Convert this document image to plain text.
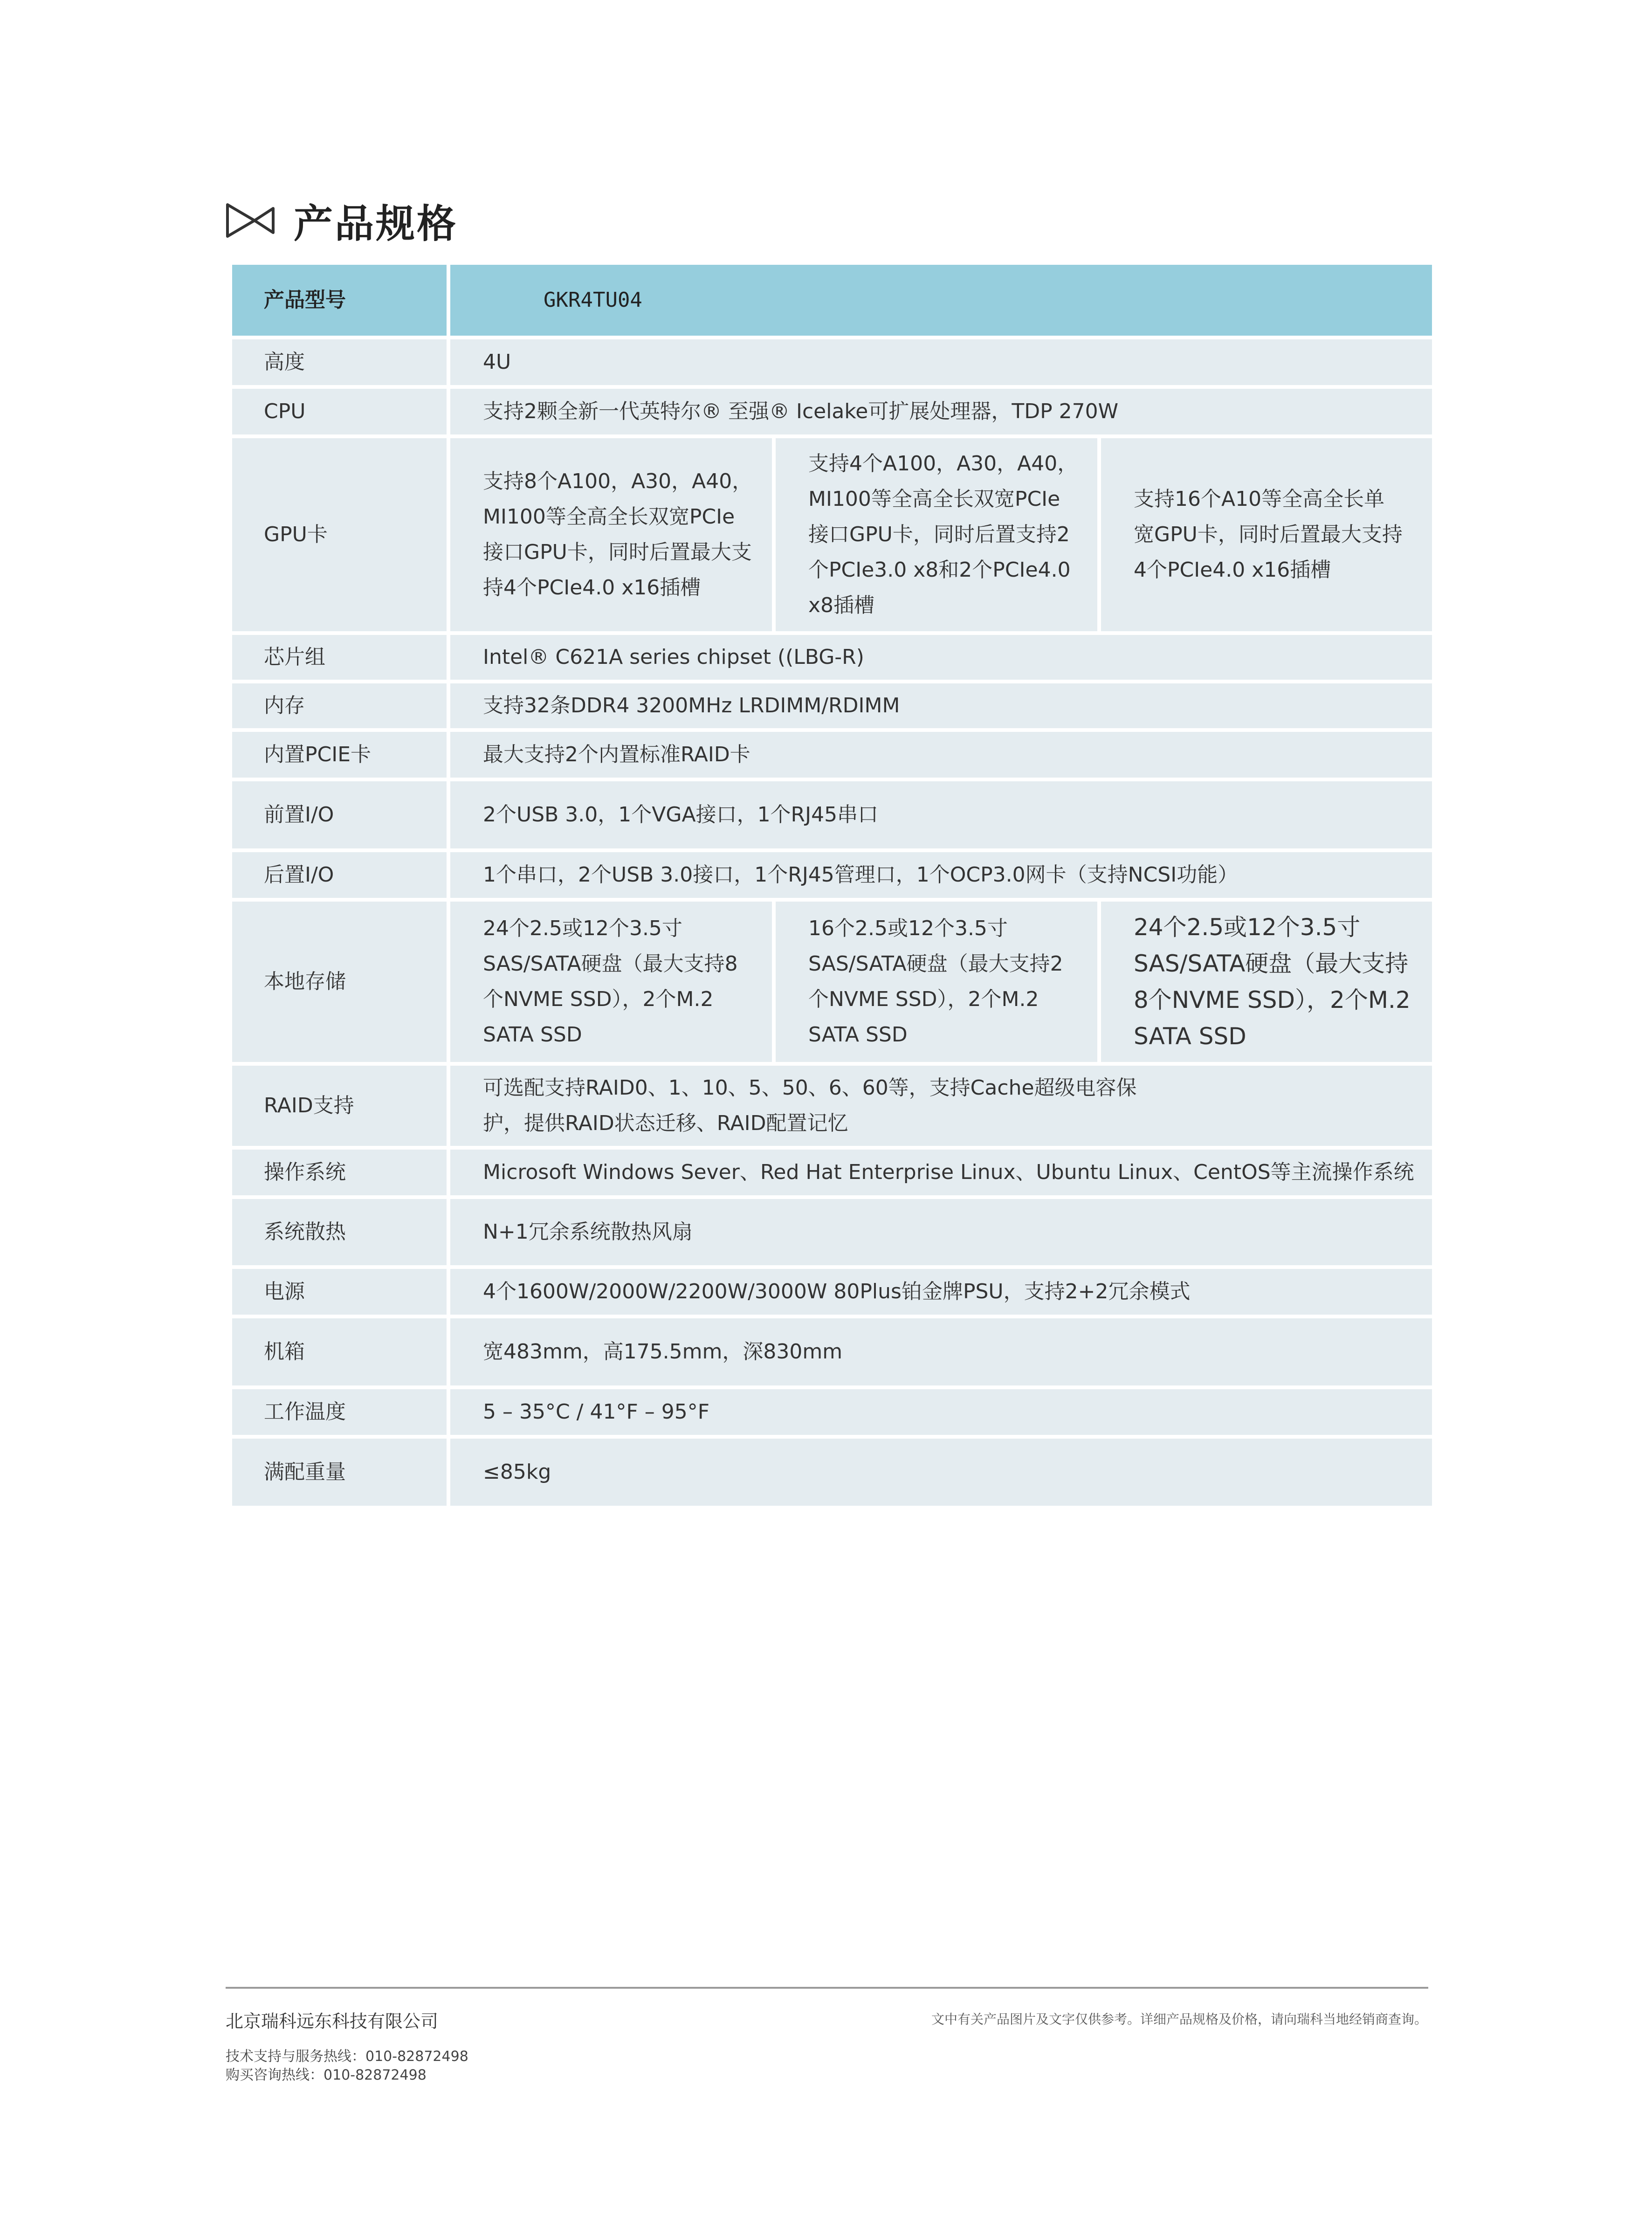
产品规格
产品型号	GKR4TU04		
高度	4U		
CPU	支持2颗全新一代英特尔® 至强® Icelake可扩展处理器，TDP 270W		
GPU卡	支持8个A100，A30，A40，MI100等全高全长双宽PCIe接口GPU卡，同时后置最大支持4个PCIe4.0 x16插槽	支持4个A100，A30，A40，MI100等全高全长双宽PCIe接口GPU卡，同时后置支持2个PCIe3.0 x8和2个PCIe4.0 x8插槽	支持16个A10等全高全长单宽GPU卡，同时后置最大支持4个PCIe4.0 x16插槽
芯片组	Intel® C621A series chipset ((LBG-R)		
内存	支持32条DDR4 3200MHz LRDIMM/RDIMM		
内置PCIE卡	最大支持2个内置标准RAID卡		
前置I/O	2个USB 3.0，1个VGA接口，1个RJ45串口		
后置I/O	1个串口，2个USB 3.0接口，1个RJ45管理口，1个OCP3.0网卡（支持NCSI功能）		
本地存储	24个2.5或12个3.5寸SAS/SATA硬盘（最大支持8个NVME SSD），2个M.2 SATA SSD	16个2.5或12个3.5寸SAS/SATA硬盘（最大支持2个NVME SSD），2个M.2 SATA SSD	24个2.5或12个3.5寸SAS/SATA硬盘（最大支持8个NVME SSD），2个M.2 SATA SSD
RAID支持	可选配支持RAID0、1、10、5、50、6、60等，支持Cache超级电容保护，提供RAID状态迁移、RAID配置记忆		
操作系统	Microsoft Windows Sever、Red Hat Enterprise Linux、Ubuntu Linux、CentOS等主流操作系统		
系统散热	N+1冗余系统散热风扇		
电源	4个1600W/2000W/2200W/3000W 80Plus铂金牌PSU，支持2+2冗余模式		
机箱	宽483mm，高175.5mm，深830mm		
工作温度	5 – 35°C / 41°F – 95°F		
满配重量	≤85kg		
北京瑞科远东科技有限公司	文中有关产品图片及文字仅供参考。详细产品规格及价格，请向瑞科当地经销商查询。
技术支持与服务热线：010-82872498
购买咨询热线：010-82872498
